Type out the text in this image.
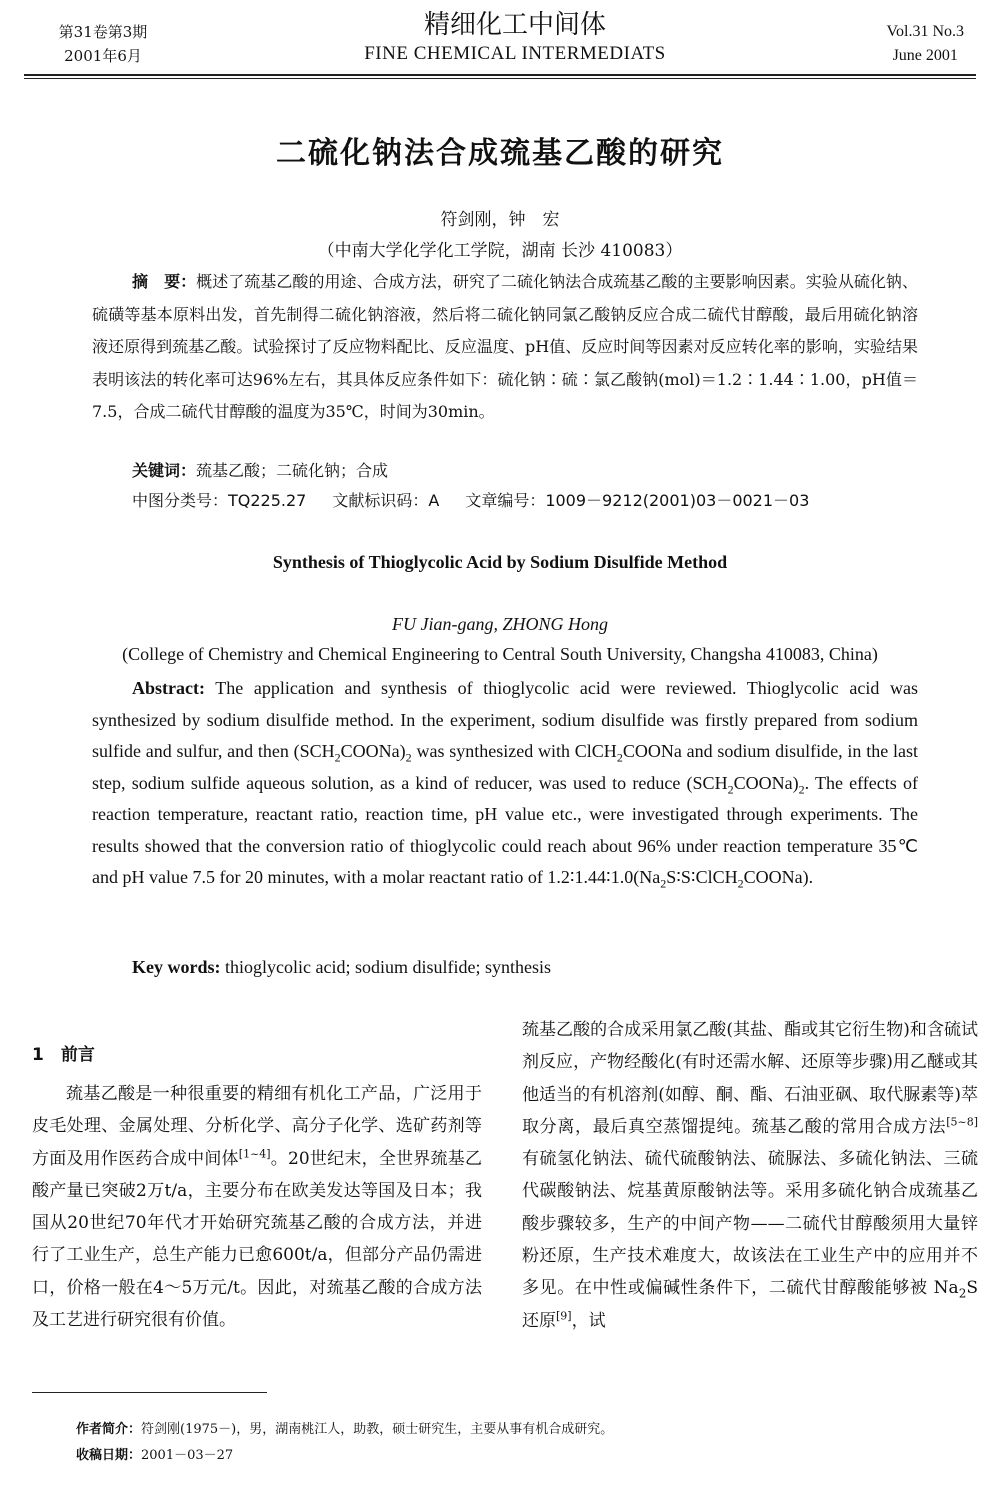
第31卷第3期
2001年6月
精细化工中间体
FINE CHEMICAL INTERMEDIATS
Vol.31 No.3
June 2001
二硫化钠法合成巯基乙酸的研究
符剑刚，钟　宏
（中南大学化学化工学院，湖南 长沙 410083）
摘　要：概述了巯基乙酸的用途、合成方法，研究了二硫化钠法合成巯基乙酸的主要影响因素。实验从硫化钠、硫磺等基本原料出发，首先制得二硫化钠溶液，然后将二硫化钠同氯乙酸钠反应合成二硫代甘醇酸，最后用硫化钠溶液还原得到巯基乙酸。试验探讨了反应物料配比、反应温度、pH值、反应时间等因素对反应转化率的影响，实验结果表明该法的转化率可达96%左右，其具体反应条件如下：硫化钠∶硫∶氯乙酸钠(mol)＝1.2∶1.44∶1.00，pH值＝7.5，合成二硫代甘醇酸的温度为35℃，时间为30min。
关键词：巯基乙酸；二硫化钠；合成
中图分类号：TQ225.27 文献标识码：A 文章编号：1009－9212(2001)03－0021－03
Synthesis of Thioglycolic Acid by Sodium Disulfide Method
FU Jian-gang, ZHONG Hong
(College of Chemistry and Chemical Engineering to Central South University, Changsha 410083, China)

Abstract: The application and synthesis of thioglycolic acid were reviewed. Thioglycolic acid was synthesized by sodium disulfide method. In the experiment, sodium disulfide was firstly prepared from sodium sulfide and sulfur, and then $(SCH_2COONa)_2$ was synthesized with ClCH$_2$COONa and sodium disulfide, in the last step, sodium sulfide aqueous solution, as a kind of reducer, was used to reduce $(SCH_2COONa)_2$. The effects of reaction temperature, reactant ratio, reaction time, pH value etc., were investigated through experiments. The results showed that the conversion ratio of thioglycolic could reach about 96% under reaction temperature 35℃ and pH value 7.5 for 20 minutes, with a molar reactant ratio of $1.2∶1.44∶1.0(Na_2S∶S∶ClCH_2COONa)$.

Key words: thioglycolic acid; sodium disulfide; synthesis
1　前言

巯基乙酸是一种很重要的精细有机化工产品，广泛用于皮毛处理、金属处理、分析化学、高分子化学、选矿药剂等方面及用作医药合成中间体[1~4]。20世纪末，全世界巯基乙酸产量已突破2万t/a，主要分布在欧美发达等国及日本；我国从20世纪70年代才开始研究巯基乙酸的合成方法，并进行了工业生产，总生产能力已愈600t/a，但部分产品仍需进口，价格一般在4～5万元/t。因此，对巯基乙酸的合成方法及工艺进行研究很有价值。

巯基乙酸的合成采用氯乙酸(其盐、酯或其它衍生物)和含硫试剂反应，产物经酸化(有时还需水解、还原等步骤)用乙醚或其他适当的有机溶剂(如醇、酮、酯、石油亚砜、取代脲素等)萃取分离，最后真空蒸馏提纯。巯基乙酸的常用合成方法[5~8]有硫氢化钠法、硫代硫酸钠法、硫脲法、多硫化钠法、三硫代碳酸钠法、烷基黄原酸钠法等。采用多硫化钠合成巯基乙酸步骤较多，生产的中间产物——二硫代甘醇酸须用大量锌粉还原，生产技术难度大，故该法在工业生产中的应用并不多见。在中性或偏碱性条件下，二硫代甘醇酸能够被 $Na_2S$ 还原[9]，试

作者简介：符剑刚(1975－)，男，湖南桃江人，助教，硕士研究生，主要从事有机合成研究。
收稿日期：2001－03－27
